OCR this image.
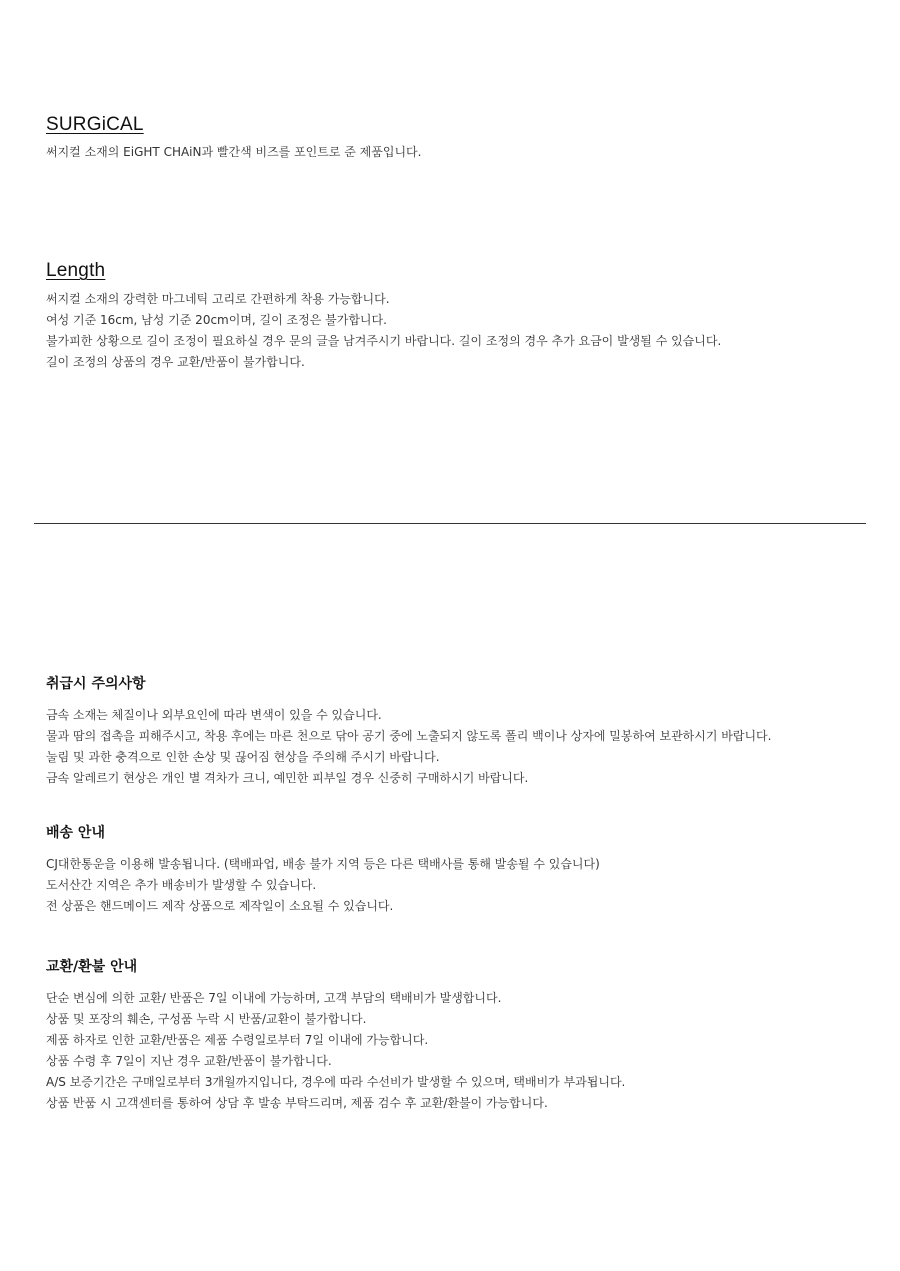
SURGiCAL
써지컬 소재의 EiGHT CHAiN과 빨간색 비즈를 포인트로 준 제품입니다.
Length
써지컬 소재의 강력한 마그네틱 고리로 간편하게 착용 가능합니다.
여성 기준 16cm, 남성 기준 20cm이며, 길이 조정은 불가합니다.
불가피한 상황으로 길이 조정이 필요하실 경우 문의 글을 남겨주시기 바랍니다. 길이 조정의 경우 추가 요금이 발생될 수 있습니다.
길이 조정의 상품의 경우 교환/반품이 불가합니다.
취급시 주의사항
금속 소재는 체질이나 외부요인에 따라 변색이 있을 수 있습니다.
물과 땀의 접촉을 피해주시고, 착용 후에는 마른 천으로 닦아 공기 중에 노출되지 않도록 폴리 백이나 상자에 밀봉하여 보관하시기 바랍니다.
눌림 및 과한 충격으로 인한 손상 및 끊어짐 현상을 주의해 주시기 바랍니다.
금속 알레르기 현상은 개인 별 격차가 크니, 예민한 피부일 경우 신중히 구매하시기 바랍니다.
배송 안내
CJ대한통운을 이용해 발송됩니다. (택배파업, 배송 불가 지역 등은 다른 택배사를 통해 발송될 수 있습니다)
도서산간 지역은 추가 배송비가 발생할 수 있습니다.
전 상품은 핸드메이드 제작 상품으로 제작일이 소요될 수 있습니다.
교환/환불 안내
단순 변심에 의한 교환/ 반품은 7일 이내에 가능하며, 고객 부담의 택배비가 발생합니다.
상품 및 포장의 훼손, 구성품 누락 시 반품/교환이 불가합니다.
제품 하자로 인한 교환/반품은 제품 수령일로부터 7일 이내에 가능합니다.
상품 수령 후 7일이 지난 경우 교환/반품이 불가합니다.
A/S 보증기간은 구매일로부터 3개월까지입니다, 경우에 따라 수선비가 발생할 수 있으며, 택배비가 부과됩니다.
상품 반품 시 고객센터를 통하여 상담 후 발송 부탁드리며, 제품 검수 후 교환/환불이 가능합니다.
